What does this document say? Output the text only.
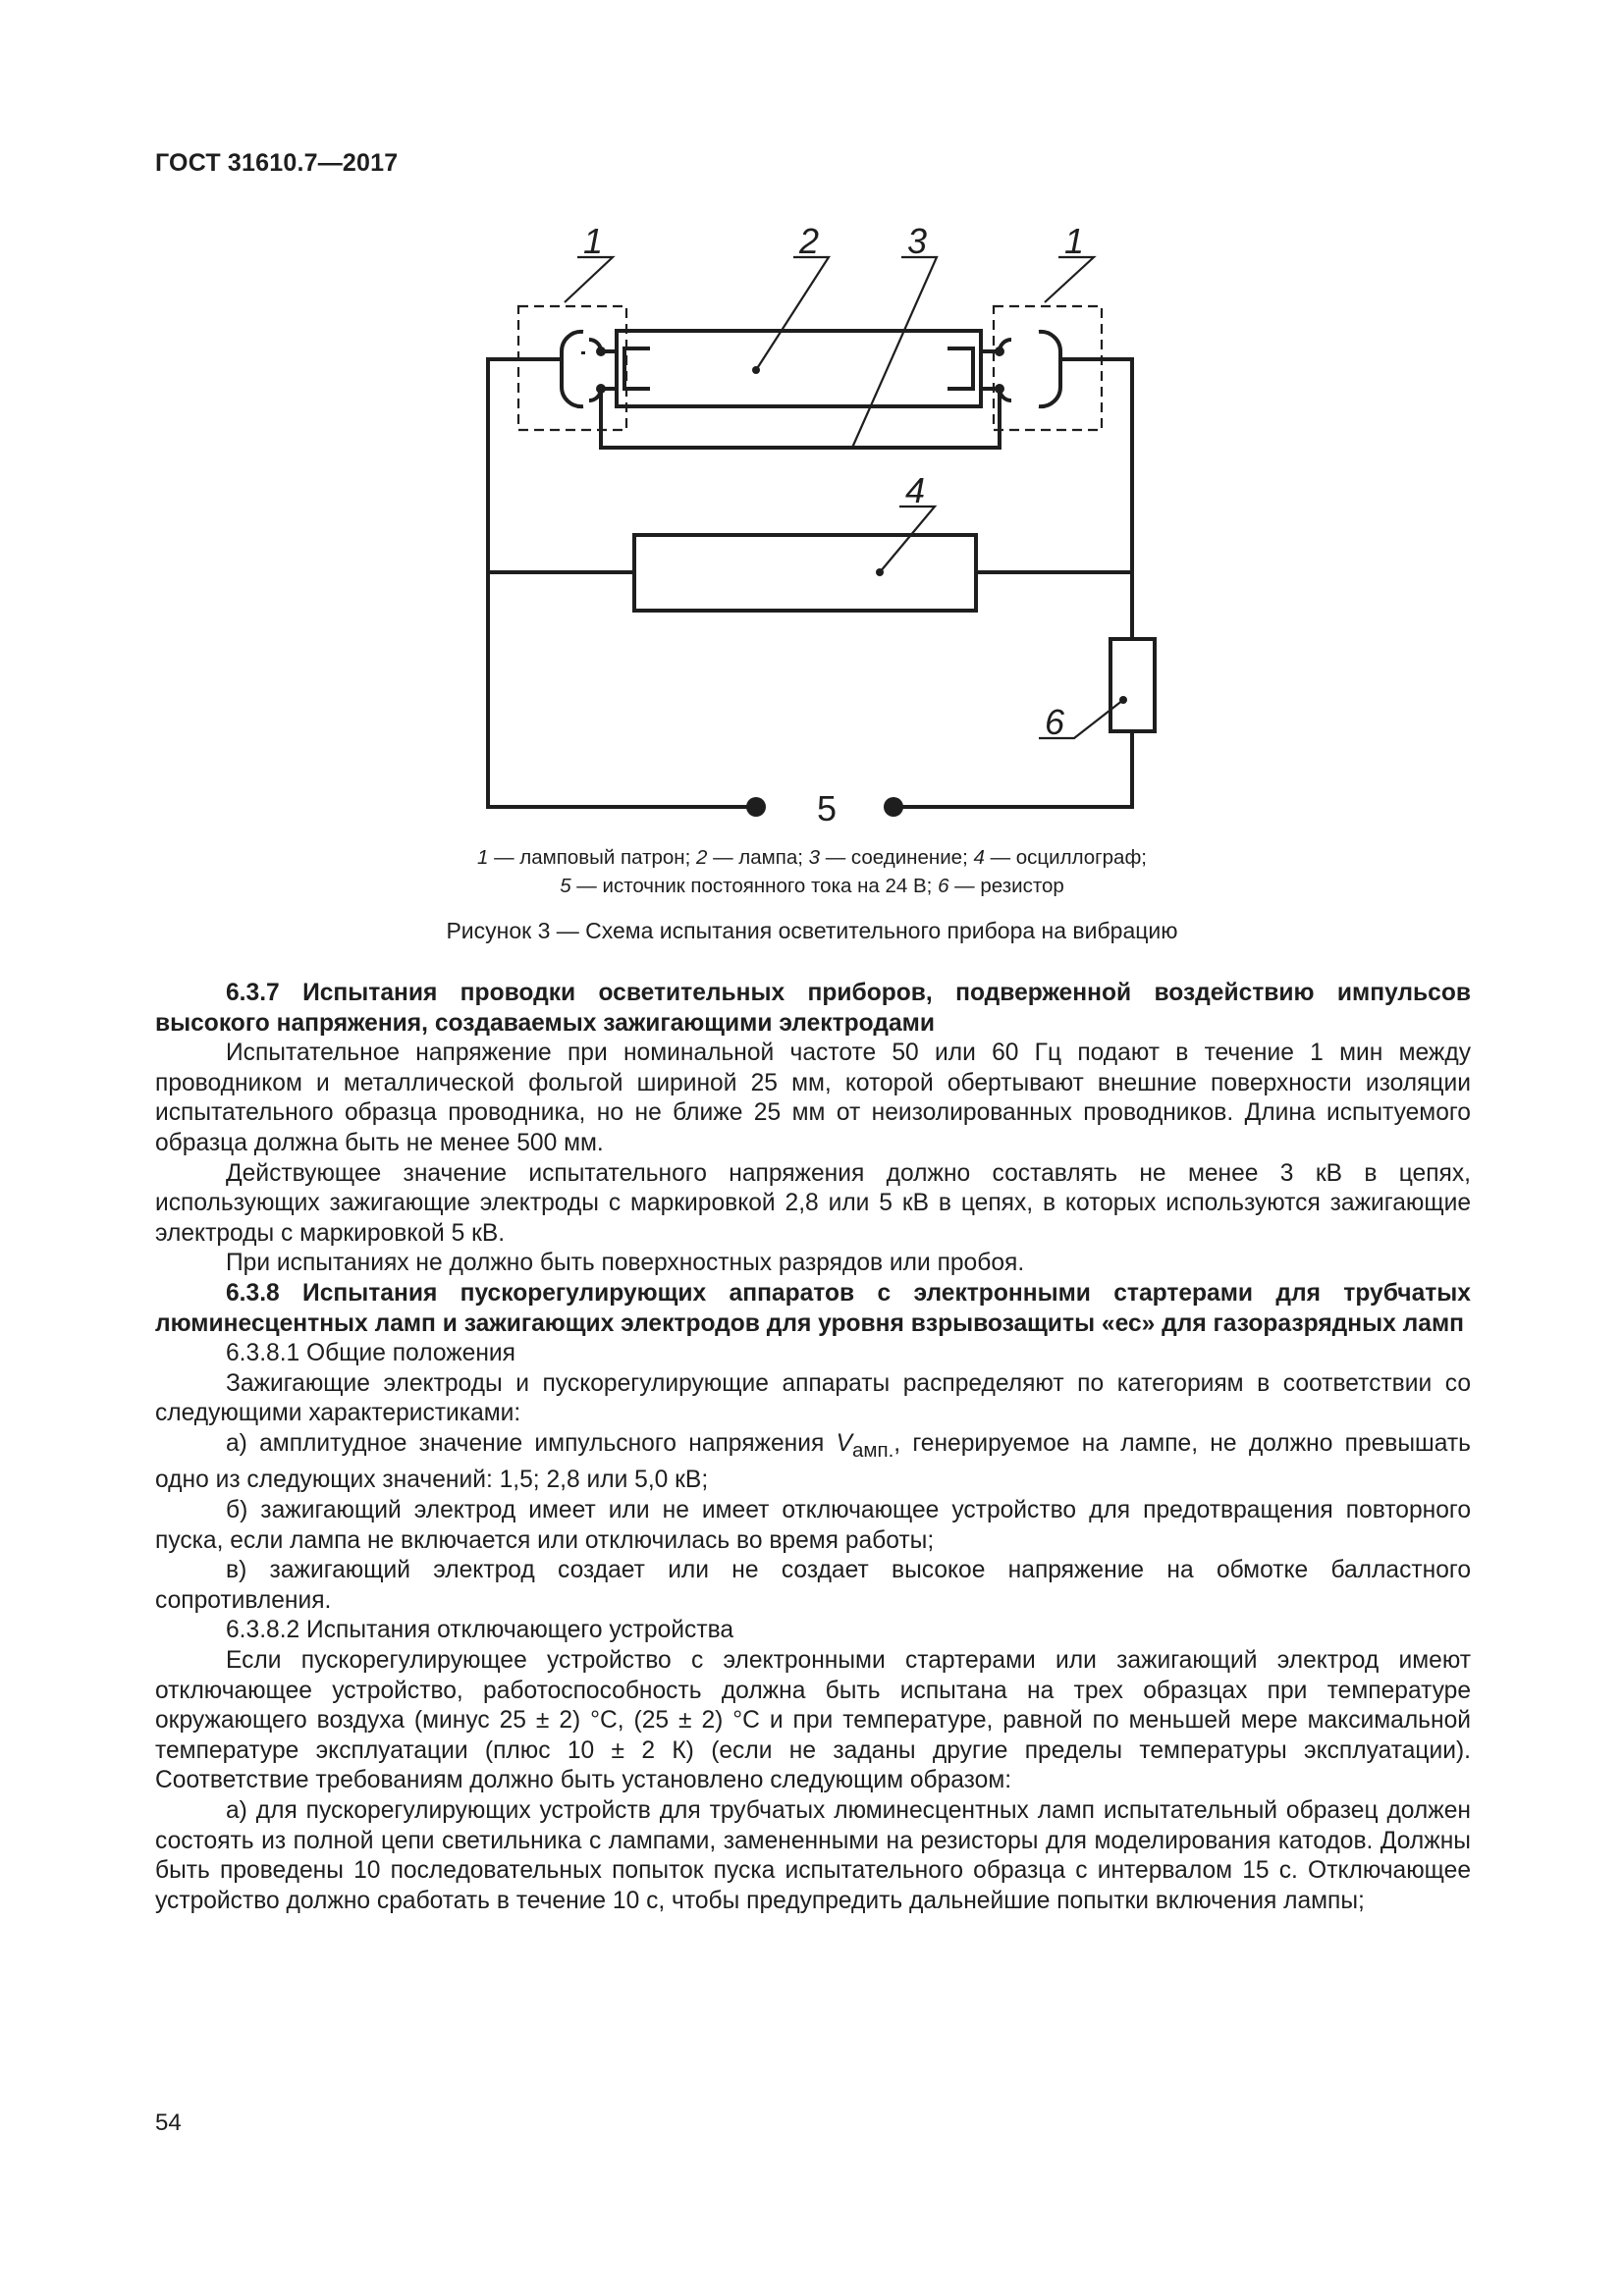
ГОСТ 31610.7—2017
1	2 3	1
4
6
5
1 — ламповый патрон; 2 — лампа; 3 — соединение; 4 — осциллограф;
5 — источник постоянного тока на 24 В; 6 — резистор
Рисунок 3 — Схема испытания осветительного прибора на вибрацию

6.3.7 Испытания проводки осветительных приборов, подверженной воздействию импульсов высокого напряжения, создаваемых зажигающими электродами

Испытательное напряжение при номинальной частоте 50 или 60 Гц подают в течение 1 мин между проводником и металлической фольгой шириной 25 мм, которой обертывают внешние поверхности изоляции испытательного образца проводника, но не ближе 25 мм от неизолированных проводников. Длина испытуемого образца должна быть не менее 500 мм.

Действующее значение испытательного напряжения должно составлять не менее 3 кВ в цепях, использующих зажигающие электроды с маркировкой 2,8 или 5 кВ в цепях, в которых используются зажигающие электроды с маркировкой 5 кВ.

При испытаниях не должно быть поверхностных разрядов или пробоя.

6.3.8 Испытания пускорегулирующих аппаратов с электронными стартерами для трубчатых люминесцентных ламп и зажигающих электродов для уровня взрывозащиты «ес» для газоразрядных ламп

6.3.8.1 Общие положения

Зажигающие электроды и пускорегулирующие аппараты распределяют по категориям в соответствии со следующими характеристиками:

а) амплитудное значение импульсного напряжения $V_{амп.}$, генерируемое на лампе, не должно превышать одно из следующих значений: 1,5; 2,8 или 5,0 кВ;

б) зажигающий электрод имеет или не имеет отключающее устройство для предотвращения повторного пуска, если лампа не включается или отключилась во время работы;

в) зажигающий электрод создает или не создает высокое напряжение на обмотке балластного сопротивления.

6.3.8.2 Испытания отключающего устройства

Если пускорегулирующее устройство с электронными стартерами или зажигающий электрод имеют отключающее устройство, работоспособность должна быть испытана на трех образцах при температуре окружающего воздуха (минус 25 ± 2) °С, (25 ± 2) °С и при температуре, равной по меньшей мере максимальной температуре эксплуатации (плюс 10 ± 2 К) (если не заданы другие пределы температуры эксплуатации). Соответствие требованиям должно быть установлено следующим образом:

а) для пускорегулирующих устройств для трубчатых люминесцентных ламп испытательный образец должен состоять из полной цепи светильника с лампами, замененными на резисторы для моделирования катодов. Должны быть проведены 10 последовательных попыток пуска испытательного образца с интервалом 15 с. Отключающее устройство должно сработать в течение 10 с, чтобы предупредить дальнейшие попытки включения лампы;

54
